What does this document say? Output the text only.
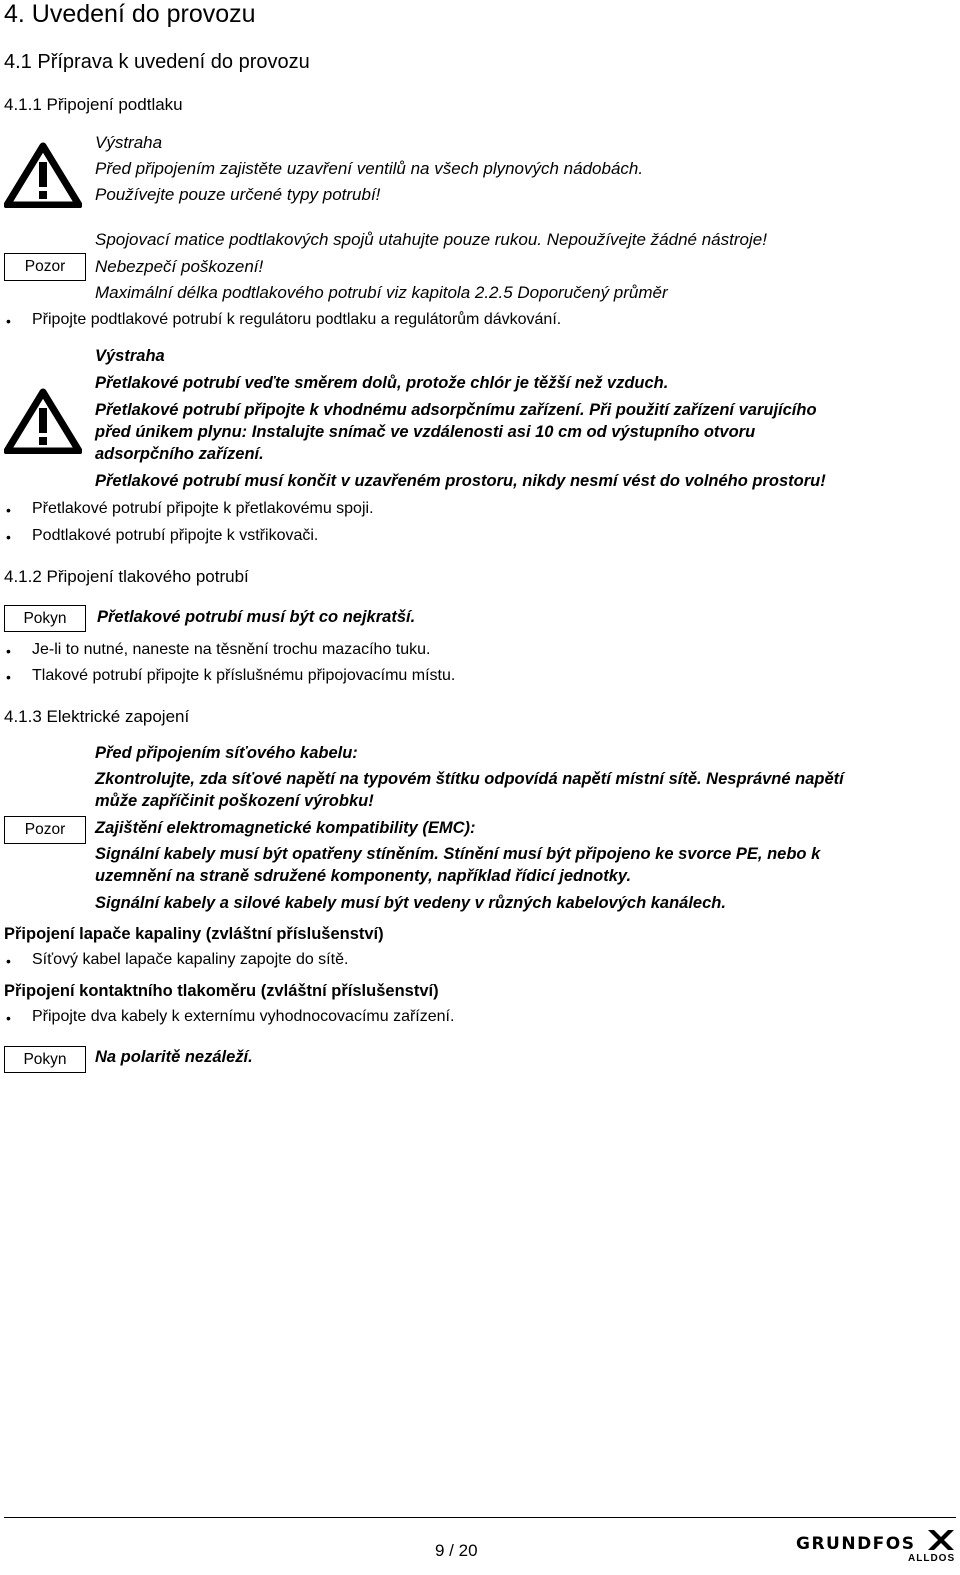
4. Uvedení do provozu
4.1 Příprava k uvedení do provozu
4.1.1 Připojení podtlaku
Výstraha
Před připojením zajistěte uzavření ventilů na všech plynových nádobách.
Používejte pouze určené typy potrubí!
Pozor
Spojovací matice podtlakových spojů utahujte pouze rukou. Nepoužívejte žádné nástroje!
Nebezpečí poškození!
Maximální délka podtlakového potrubí viz kapitola 2.2.5 Doporučený průměr
• Připojte podtlakové potrubí k regulátoru podtlaku a regulátorům dávkování.
Výstraha
Přetlakové potrubí veďte směrem dolů, protože chlór je těžší než vzduch.
Přetlakové potrubí připojte k vhodnému adsorpčnímu zařízení. Při použití zařízení varujícího
před únikem plynu: Instalujte snímač ve vzdálenosti asi 10 cm od výstupního otvoru
adsorpčního zařízení.
Přetlakové potrubí musí končit v uzavřeném prostoru, nikdy nesmí vést do volného prostoru!
• Přetlakové potrubí připojte k přetlakovému spoji.
• Podtlakové potrubí připojte k vstřikovači.
4.1.2 Připojení tlakového potrubí
Pokyn	Přetlakové potrubí musí být co nejkratší.
• Je-li to nutné, naneste na těsnění trochu mazacího tuku.
• Tlakové potrubí připojte k příslušnému připojovacímu místu.
4.1.3 Elektrické zapojení
Pozor
Před připojením síťového kabelu:
Zkontrolujte, zda síťové napětí na typovém štítku odpovídá napětí místní sítě. Nesprávné napětí
může zapříčinit poškození výrobku!
Zajištění elektromagnetické kompatibility (EMC):
Signální kabely musí být opatřeny stíněním. Stínění musí být připojeno ke svorce PE, nebo k
uzemnění na straně sdružené komponenty, například řídicí jednotky.
Signální kabely a silové kabely musí být vedeny v různých kabelových kanálech.
Připojení lapače kapaliny (zvláštní příslušenství)
• Síťový kabel lapače kapaliny zapojte do sítě.
Připojení kontaktního tlakoměru (zvláštní příslušenství)
• Připojte dva kabely k externímu vyhodnocovacímu zařízení.
Pokyn	Na polaritě nezáleží.
9 / 20	GRUNDFOS
ALLDOS
